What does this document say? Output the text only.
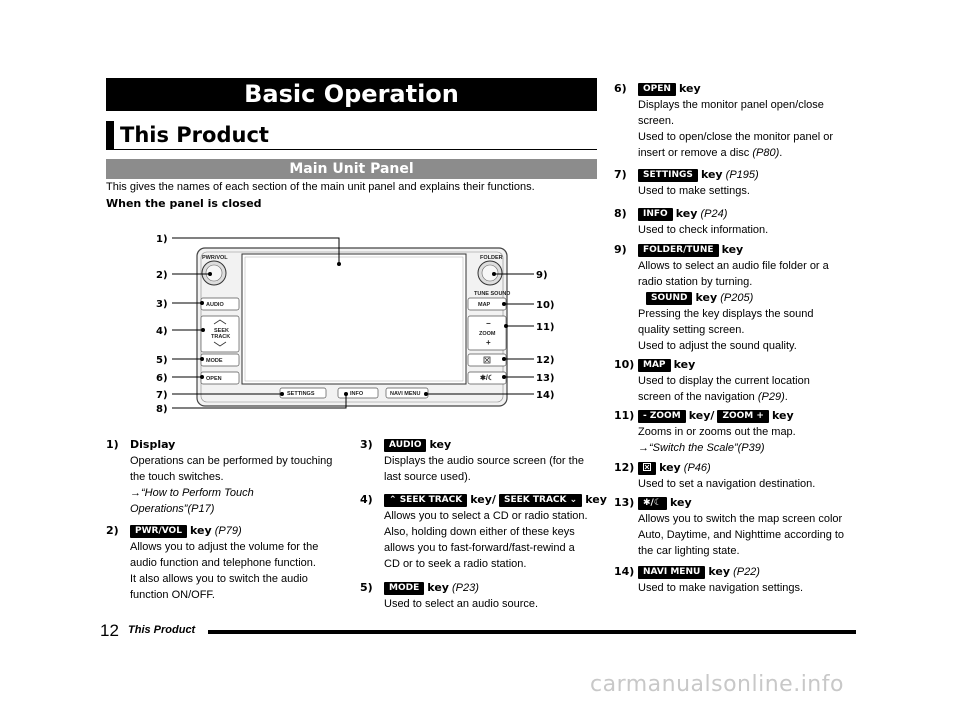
Basic Operation
This Product
Main Unit Panel
This gives the names of each section of the main unit panel and explains their functions.
When the panel is closed
PWR/VOL	FOLDER
TUNE SOUND
AUDIO
SEEK
TRACK
MODE
OPEN
MAP
−
ZOOM
+
✱/☾
SETTINGS	INFO	NAVI MENU
1)
2)
3)
4)
5)
6)
7)
8)
9)
10)
11)
12)
13)
14)
1) Display
Operations can be performed by touching
the touch switches.
→“How to Perform Touch
Operations”(P17)
2)	PWR/VOL key (P79)
Allows you to adjust the volume for the
audio function and telephone function.
It also allows you to switch the audio
function ON/OFF.
3)	AUDIO key
Displays the audio source screen (for the
last source used).
4)	⌃ SEEK TRACK key/ SEEK TRACK ⌄ key
Allows you to select a CD or radio station.
Also, holding down either of these keys
allows you to fast-forward/fast-rewind a
CD or to seek a radio station.
5)	MODE key (P23)
Used to select an audio source.
6)	OPEN key
Displays the monitor panel open/close
screen.
Used to open/close the monitor panel or
insert or remove a disc (P80).
7)	SETTINGS key (P195)
Used to make settings.
8)	INFO key (P24)
Used to check information.
9)	FOLDER/TUNE key
Allows to select an audio file folder or a
radio station by turning.
SOUND key (P205)
Pressing the key displays the sound
quality setting screen.
Used to adjust the sound quality.
10) MAP key
Used to display the current location
screen of the navigation (P29).
11) - ZOOM key/ ZOOM + key
Zooms in or zooms out the map.
→“Switch the Scale”(P39)
12)	key (P46)
Used to set a navigation destination.
13) ✱/☾ key
Allows you to switch the map screen color
Auto, Daytime, and Nighttime according to
the car lighting state.
14) NAVI MENU key (P22)
Used to make navigation settings.
12 This Product
carmanualsonline.info
